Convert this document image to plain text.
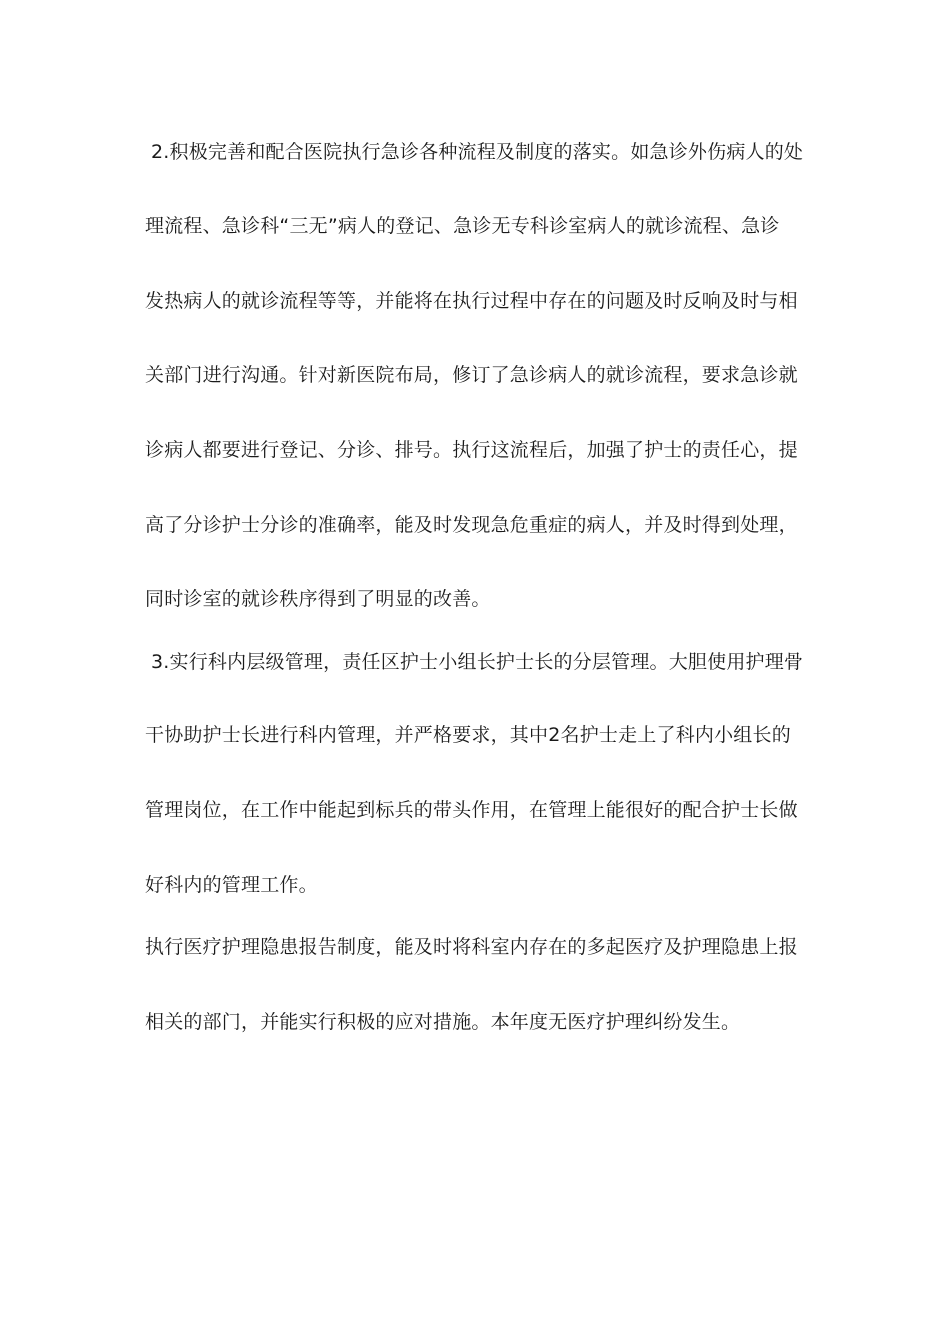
2.积极完善和配合医院执行急诊各种流程及制度的落实。如急诊外伤病人的处
理流程、急诊科“三无”病人的登记、急诊无专科诊室病人的就诊流程、急诊
发热病人的就诊流程等等，并能将在执行过程中存在的问题及时反响及时与相
关部门进行沟通。针对新医院布局，修订了急诊病人的就诊流程，要求急诊就
诊病人都要进行登记、分诊、排号。执行这流程后，加强了护士的责任心，提
高了分诊护士分诊的准确率，能及时发现急危重症的病人，并及时得到处理，
同时诊室的就诊秩序得到了明显的改善。
3.实行科内层级管理，责任区护士小组长护士长的分层管理。大胆使用护理骨
干协助护士长进行科内管理，并严格要求，其中2名护士走上了科内小组长的
管理岗位，在工作中能起到标兵的带头作用，在管理上能很好的配合护士长做
好科内的管理工作。
执行医疗护理隐患报告制度，能及时将科室内存在的多起医疗及护理隐患上报
相关的部门，并能实行积极的应对措施。本年度无医疗护理纠纷发生。
